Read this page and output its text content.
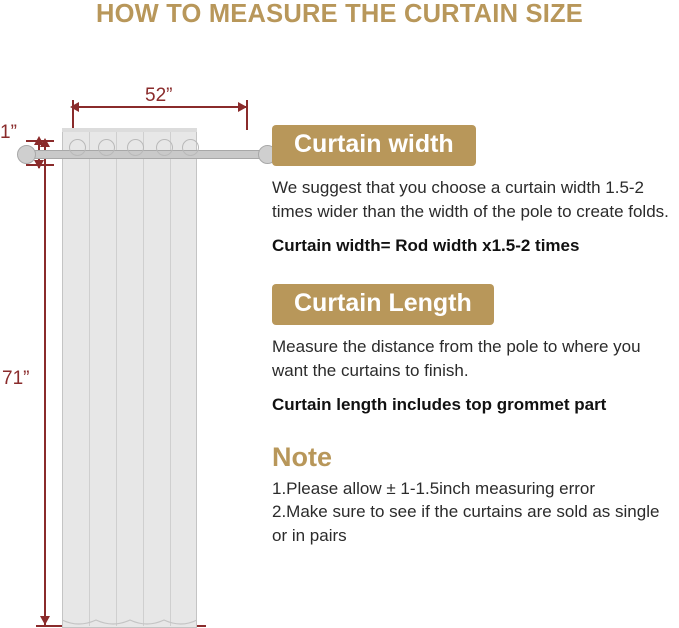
HOW TO MEASURE THE CURTAIN SIZE
52”
1”
71”
Curtain width

We suggest that you choose a curtain width 1.5-2 times wider than the width of the pole to create folds.

Curtain width= Rod width x1.5-2 times

Curtain Length

Measure the distance from the pole to where you want the curtains to finish.

Curtain length includes top grommet part

Note

1.Please allow ± 1-1.5inch measuring error

2.Make sure to see if the curtains are sold as single or in pairs
